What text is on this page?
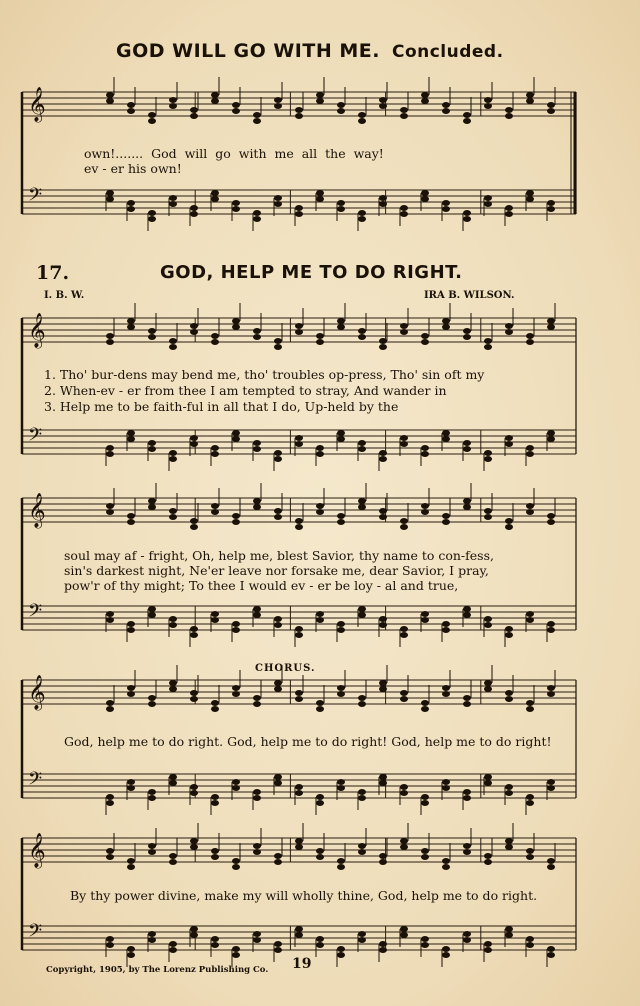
𝄞
𝄢
𝄞
𝄢
𝄞
𝄢
𝄞
𝄢
𝄞
𝄢
GOD WILL GO WITH ME. Concluded.
own!....... God will go with me all the way!
ev - er his own!
17.	GOD, HELP ME TO DO RIGHT.
I. B. W.	IRA B. WILSON.
1. Tho' bur-dens may bend me, tho' troubles op-press, Tho' sin oft my
2. When-ev - er from thee I am tempted to stray, And wander in
3. Help me to be faith-ful in all that I do, Up-held by the
soul may af - fright, Oh, help me, blest Savior, thy name to con-fess,
sin's darkest night, Ne'er leave nor forsake me, dear Savior, I pray,
pow'r of thy might; To thee I would ev - er be loy - al and true,
CHORUS.
God, help me to do right. God, help me to do right! God, help me to do right!
By thy power divine, make my will wholly thine, God, help me to do right.
Copyright, 1905, by The Lorenz Publishing Co. 19
